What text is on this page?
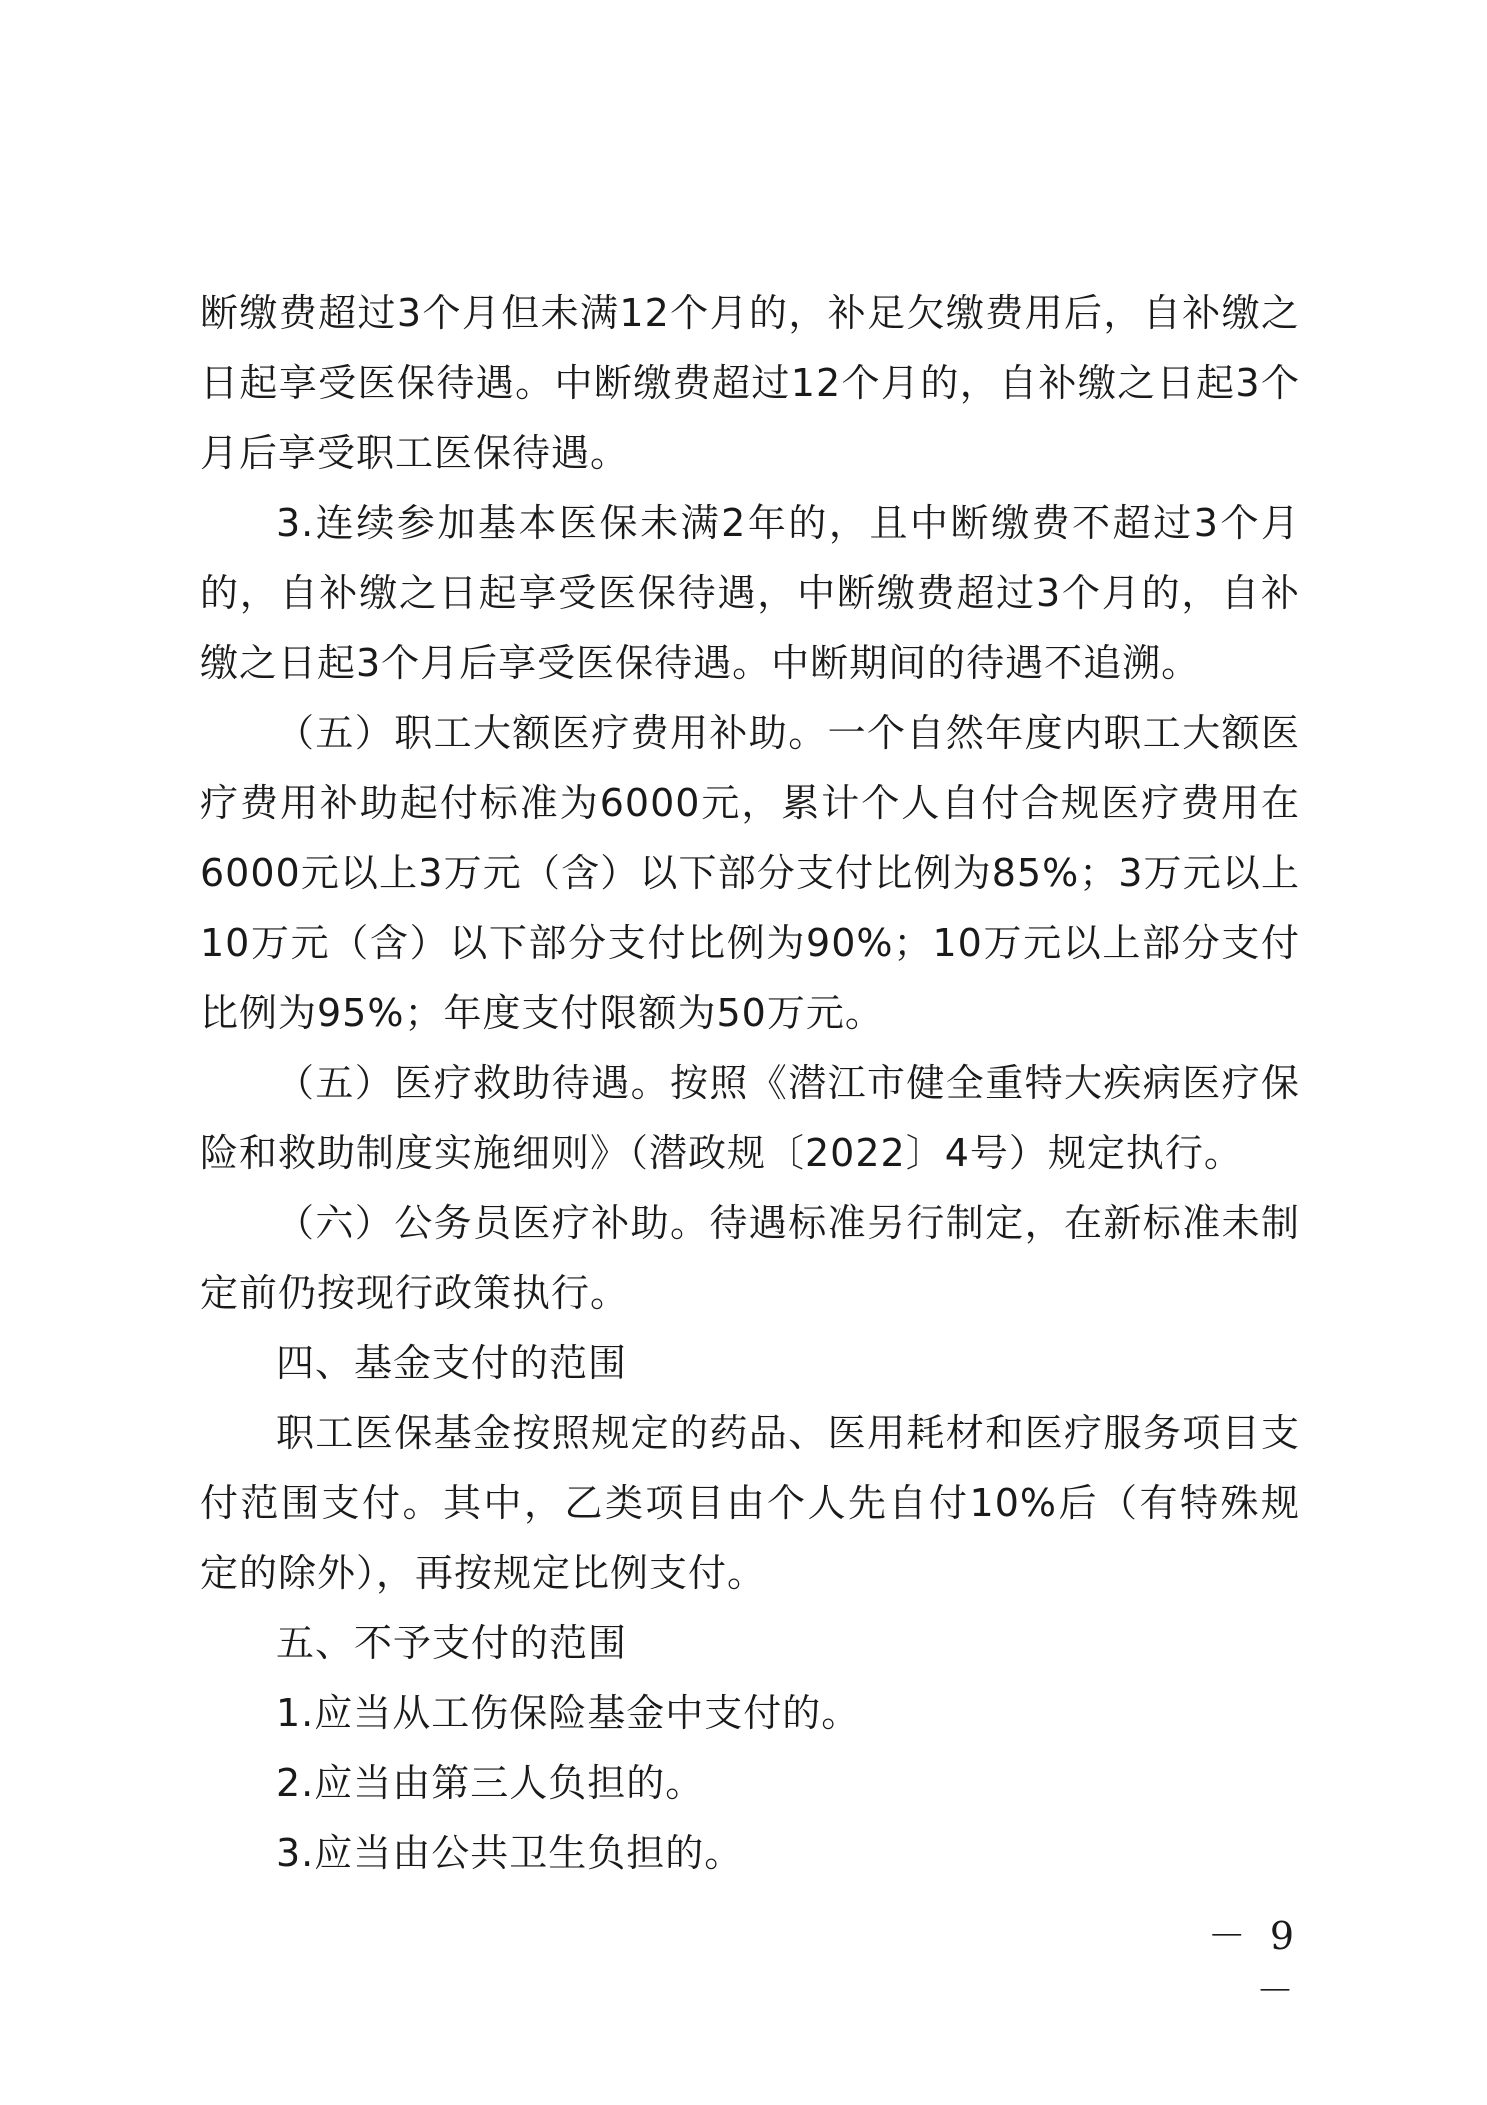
断缴费超过3个月但未满12个月的，补足欠缴费用后，自补缴之日起享受医保待遇。中断缴费超过12个月的，自补缴之日起3个月后享受职工医保待遇。

3.连续参加基本医保未满2年的，且中断缴费不超过3个月的，自补缴之日起享受医保待遇，中断缴费超过3个月的，自补缴之日起3个月后享受医保待遇。中断期间的待遇不追溯。

（五）职工大额医疗费用补助。一个自然年度内职工大额医疗费用补助起付标准为6000元，累计个人自付合规医疗费用在6000元以上3万元（含）以下部分支付比例为85%；3万元以上10万元（含）以下部分支付比例为90%；10万元以上部分支付比例为95%；年度支付限额为50万元。

（五）医疗救助待遇。按照《潜江市健全重特大疾病医疗保险和救助制度实施细则》（潜政规〔2022〕4号）规定执行。

（六）公务员医疗补助。待遇标准另行制定，在新标准未制定前仍按现行政策执行。

四、基金支付的范围

职工医保基金按照规定的药品、医用耗材和医疗服务项目支付范围支付。其中，乙类项目由个人先自付10%后（有特殊规定的除外），再按规定比例支付。

五、不予支付的范围

1.应当从工伤保险基金中支付的。

2.应当由第三人负担的。

3.应当由公共卫生负担的。

－ 9 －
